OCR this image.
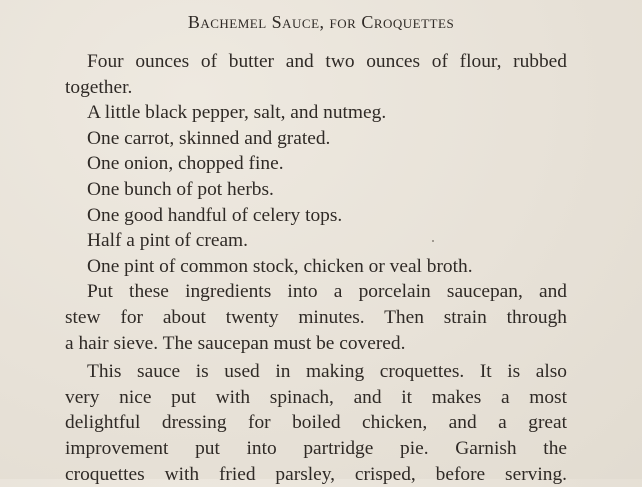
Bachemel Sauce, for Croquettes
Four ounces of butter and two ounces of flour, rubbed
together.
A little black pepper, salt, and nutmeg.
One carrot, skinned and grated.
One onion, chopped fine.
One bunch of pot herbs.
One good handful of celery tops.
Half a pint of cream.
One pint of common stock, chicken or veal broth.
Put these ingredients into a porcelain saucepan, and
stew for about twenty minutes. Then strain through
a hair sieve. The saucepan must be covered.
This sauce is used in making croquettes. It is also
very nice put with spinach, and it makes a most
delightful dressing for boiled chicken, and a great
improvement put into partridge pie. Garnish the
croquettes with fried parsley, crisped, before serving.
